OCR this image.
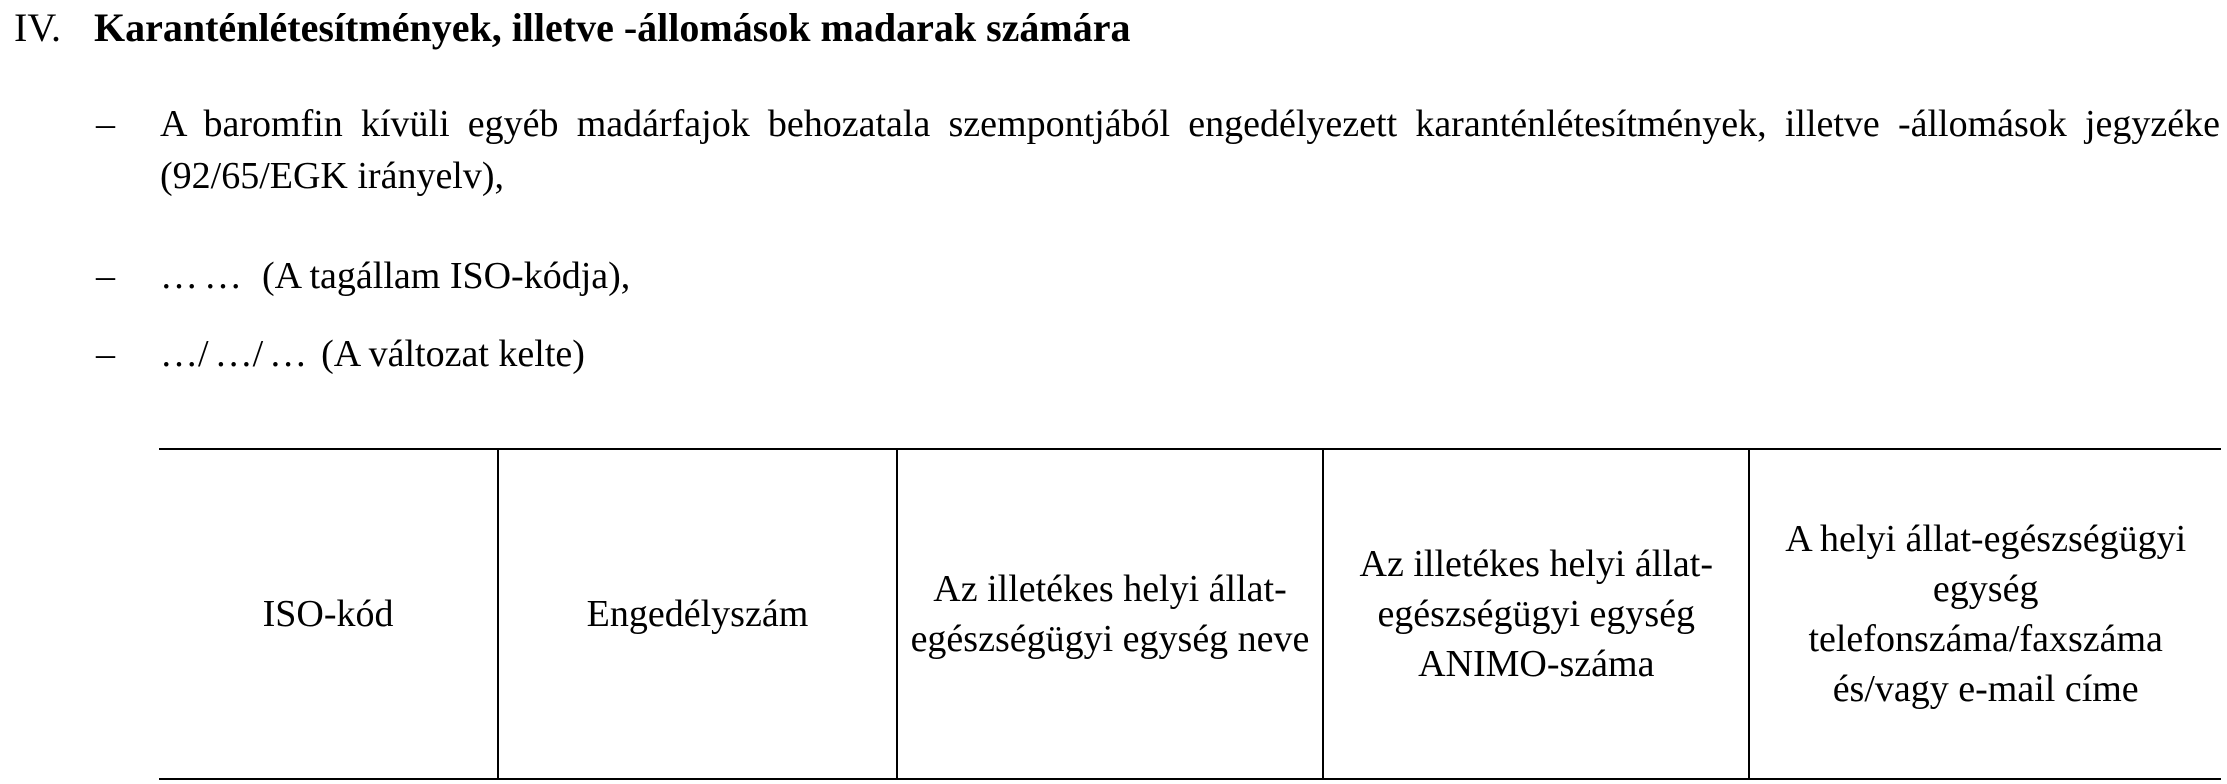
IV. Karanténlétesítmények, illetve -állomások madarak számára
– A baromfin kívüli egyéb madárfajok behozatala szempontjából engedélyezett karanténlétesítmények, illetve -állomások jegyzéke (92/65/EGK irányelv),
– …… (A tagállam ISO-kódja),
– …/…/… (A változat kelte)
ISO-kód	Engedélyszám	Az illetékes helyi állat-egészségügyi egység neve	Az illetékes helyi állat-egészségügyi egység ANIMO-száma	A helyi állat-egészségügyi egység telefonszáma/faxszáma és/vagy e-mail címe
